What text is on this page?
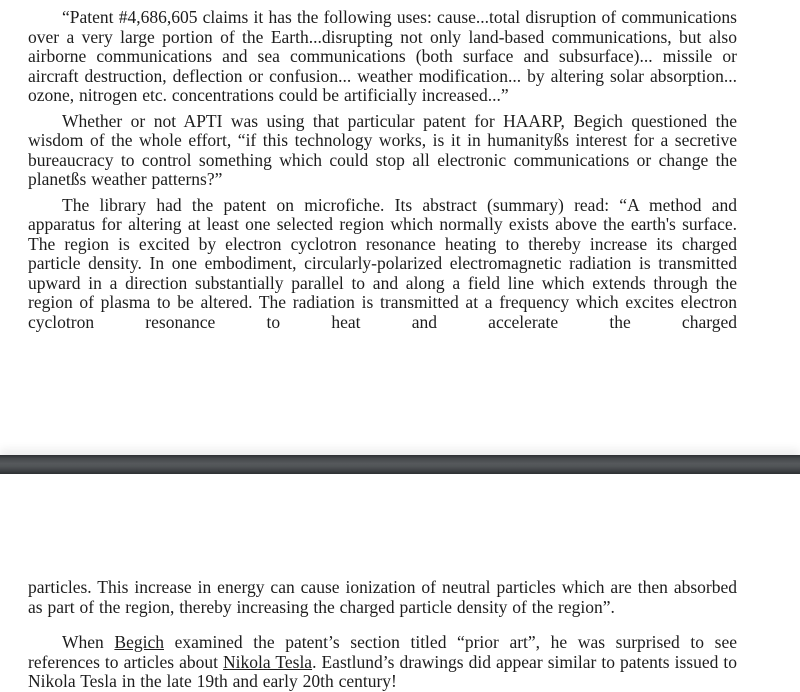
“Patent #4,686,605 claims it has the following uses: cause...total disruption of communications over a very large portion of the Earth...disrupting not only land-based communications, but also airborne communications and sea communications (both surface and subsurface)... missile or aircraft destruction, deflection or confusion... weather modification... by altering solar absorption... ozone, nitrogen etc. concentrations could be artificially increased...”

Whether or not APTI was using that particular patent for HAARP, Begich questioned the wisdom of the whole effort, “if this technology works, is it in humanityßs interest for a secretive bureaucracy to control something which could stop all electronic communications or change the planetßs weather patterns?”

The library had the patent on microfiche. Its abstract (summary) read: “A method and apparatus for altering at least one selected region which normally exists above the earth's surface. The region is excited by electron cyclotron resonance heating to thereby increase its charged particle density. In one embodiment, circularly-polarized electromagnetic radiation is transmitted upward in a direction substantially parallel to and along a field line which extends through the region of plasma to be altered. The radiation is transmitted at a frequency which excites electron cyclotron resonance to heat and accelerate the charged

particles. This increase in energy can cause ionization of neutral particles which are then absorbed as part of the region, thereby increasing the charged particle density of the region”.

When Begich examined the patent’s section titled “prior art”, he was surprised to see references to articles about Nikola Tesla. Eastlund’s drawings did appear similar to patents issued to Nikola Tesla in the late 19th and early 20th century!
